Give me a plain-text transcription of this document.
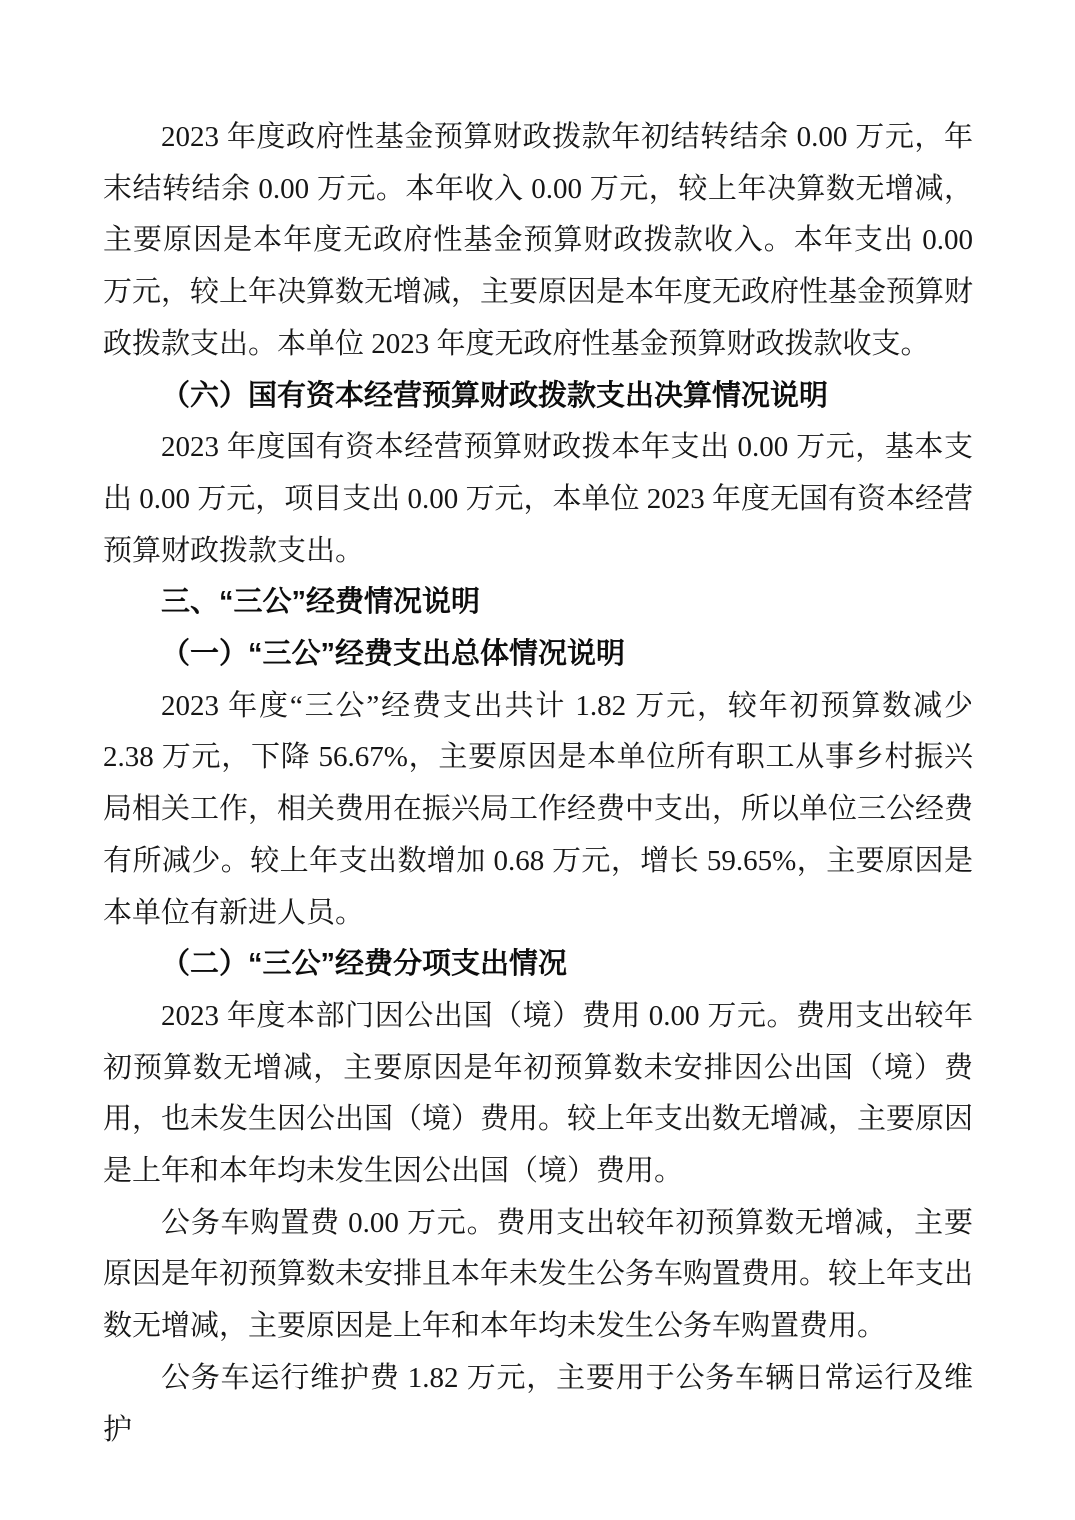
2023 年度政府性基金预算财政拨款年初结转结余 0.00 万元，年末结转结余 0.00 万元。本年收入 0.00 万元，较上年决算数无增减，主要原因是本年度无政府性基金预算财政拨款收入。本年支出 0.00 万元，较上年决算数无增减，主要原因是本年度无政府性基金预算财政拨款支出。本单位 2023 年度无政府性基金预算财政拨款收支。

（六）国有资本经营预算财政拨款支出决算情况说明

2023 年度国有资本经营预算财政拨本年支出 0.00 万元，基本支出 0.00 万元，项目支出 0.00 万元，本单位 2023 年度无国有资本经营预算财政拨款支出。

三、“三公”经费情况说明
（一）“三公”经费支出总体情况说明

2023 年度“三公”经费支出共计 1.82 万元，较年初预算数减少 2.38 万元，下降 56.67%，主要原因是本单位所有职工从事乡村振兴局相关工作，相关费用在振兴局工作经费中支出，所以单位三公经费有所减少。较上年支出数增加 0.68 万元，增长 59.65%，主要原因是本单位有新进人员。

（二）“三公”经费分项支出情况

2023 年度本部门因公出国（境）费用 0.00 万元。费用支出较年初预算数无增减，主要原因是年初预算数未安排因公出国（境）费用，也未发生因公出国（境）费用。较上年支出数无增减，主要原因是上年和本年均未发生因公出国（境）费用。

公务车购置费 0.00 万元。费用支出较年初预算数无增减，主要原因是年初预算数未安排且本年未发生公务车购置费用。较上年支出数无增减，主要原因是上年和本年均未发生公务车购置费用。

公务车运行维护费 1.82 万元，主要用于公务车辆日常运行及维护
